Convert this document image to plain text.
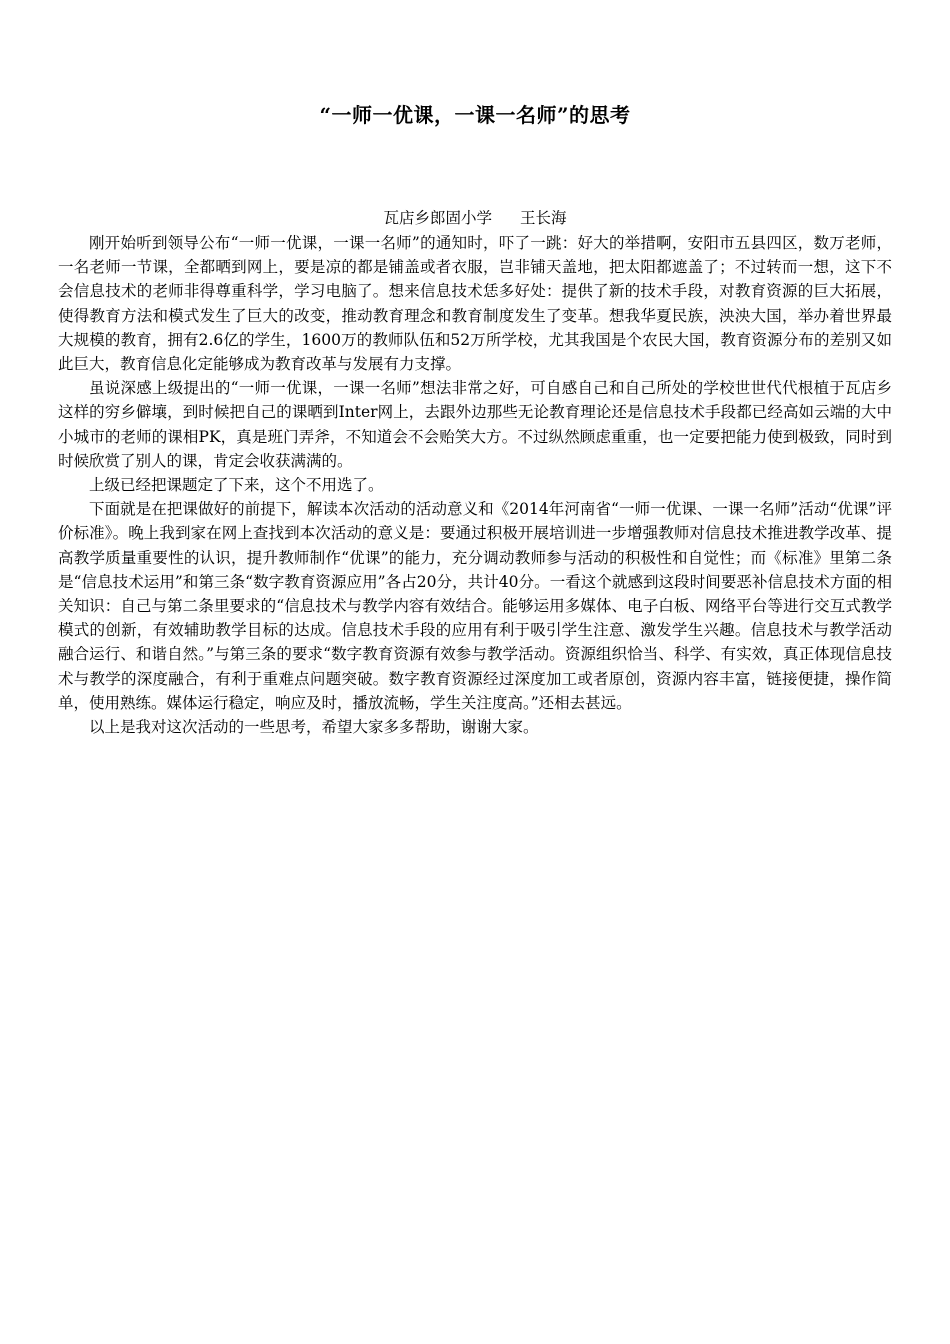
“一师一优课，一课一名师”的思考
瓦店乡郎固小学 王长海

刚开始听到领导公布“一师一优课，一课一名师”的通知时，吓了一跳：好大的举措啊，安阳市五县四区，数万老师，一名老师一节课，全都晒到网上，要是凉的都是铺盖或者衣服，岂非铺天盖地，把太阳都遮盖了；不过转而一想，这下不会信息技术的老师非得尊重科学，学习电脑了。想来信息技术恁多好处：提供了新的技术手段，对教育资源的巨大拓展，使得教育方法和模式发生了巨大的改变，推动教育理念和教育制度发生了变革。想我华夏民族，泱泱大国，举办着世界最大规模的教育，拥有2.6亿的学生，1600万的教师队伍和52万所学校，尤其我国是个农民大国，教育资源分布的差别又如此巨大，教育信息化定能够成为教育改革与发展有力支撑。

虽说深感上级提出的“一师一优课，一课一名师”想法非常之好，可自感自己和自己所处的学校世世代代根植于瓦店乡这样的穷乡僻壤，到时候把自己的课晒到Inter网上，去跟外边那些无论教育理论还是信息技术手段都已经高如云端的大中小城市的老师的课相PK，真是班门弄斧，不知道会不会贻笑大方。不过纵然顾虑重重，也一定要把能力使到极致，同时到时候欣赏了别人的课，肯定会收获满满的。

上级已经把课题定了下来，这个不用选了。

下面就是在把课做好的前提下，解读本次活动的活动意义和《2014年河南省“一师一优课、一课一名师”活动“优课”评价标准》。晚上我到家在网上查找到本次活动的意义是：要通过积极开展培训进一步增强教师对信息技术推进教学改革、提高教学质量重要性的认识，提升教师制作“优课”的能力，充分调动教师参与活动的积极性和自觉性；而《标准》里第二条是“信息技术运用”和第三条“数字教育资源应用”各占20分，共计40分。一看这个就感到这段时间要恶补信息技术方面的相关知识：自己与第二条里要求的“信息技术与教学内容有效结合。能够运用多媒体、电子白板、网络平台等进行交互式教学模式的创新，有效辅助教学目标的达成。信息技术手段的应用有利于吸引学生注意、激发学生兴趣。信息技术与教学活动融合运行、和谐自然。”与第三条的要求“数字教育资源有效参与教学活动。资源组织恰当、科学、有实效，真正体现信息技术与教学的深度融合，有利于重难点问题突破。数字教育资源经过深度加工或者原创，资源内容丰富，链接便捷，操作简单，使用熟练。媒体运行稳定，响应及时，播放流畅，学生关注度高。”还相去甚远。

以上是我对这次活动的一些思考，希望大家多多帮助，谢谢大家。
